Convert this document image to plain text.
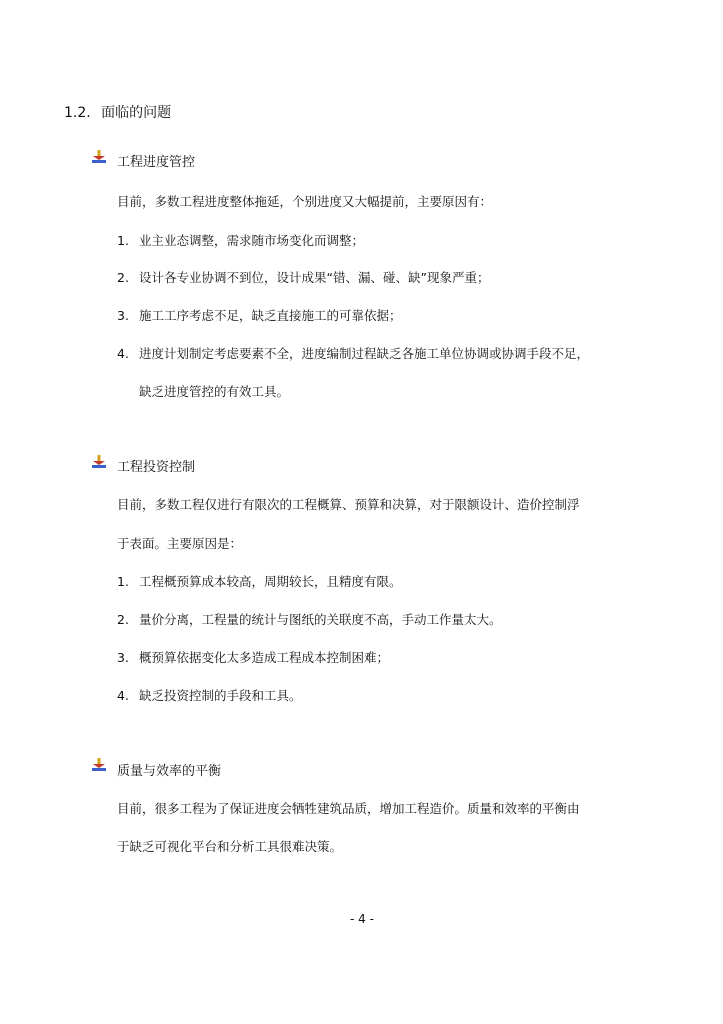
1.2. 面临的问题
工程进度管控
目前，多数工程进度整体拖延，个别进度又大幅提前，主要原因有：
1. 业主业态调整，需求随市场变化而调整；
2. 设计各专业协调不到位，设计成果“错、漏、碰、缺”现象严重；
3. 施工工序考虑不足，缺乏直接施工的可靠依据；
4. 进度计划制定考虑要素不全，进度编制过程缺乏各施工单位协调或协调手段不足，
缺乏进度管控的有效工具。
工程投资控制
目前，多数工程仅进行有限次的工程概算、预算和决算，对于限额设计、造价控制浮
于表面。主要原因是：
1. 工程概预算成本较高，周期较长，且精度有限。
2. 量价分离，工程量的统计与图纸的关联度不高，手动工作量太大。
3. 概预算依据变化太多造成工程成本控制困难；
4. 缺乏投资控制的手段和工具。
质量与效率的平衡
目前，很多工程为了保证进度会牺牲建筑品质，增加工程造价。质量和效率的平衡由
于缺乏可视化平台和分析工具很难决策。
- 4 -
